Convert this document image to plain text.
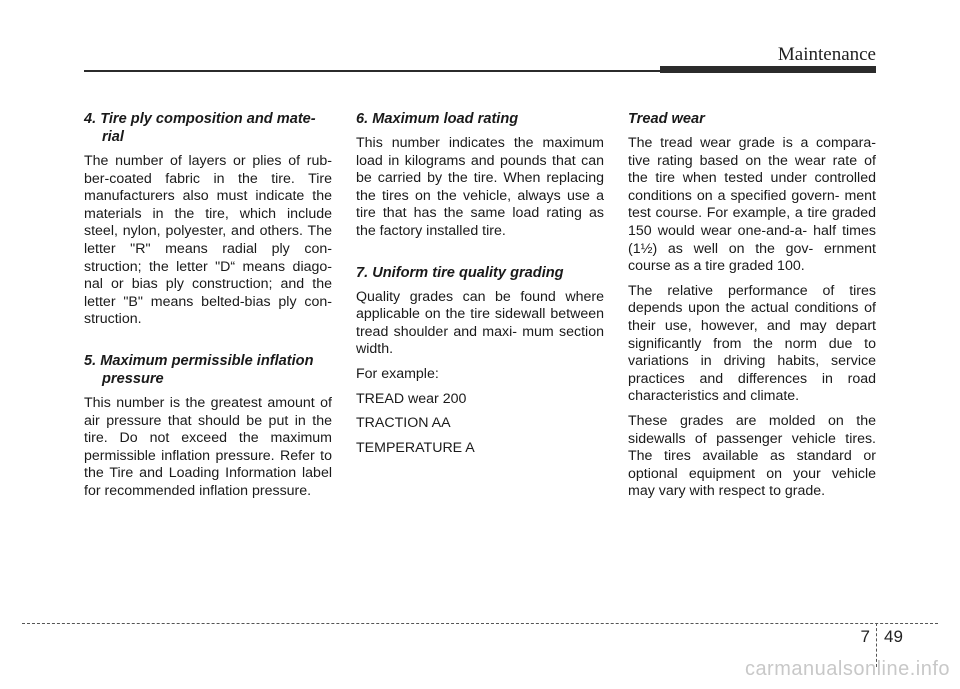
Maintenance
4. Tire ply composition and mate- rial
The number of layers or plies of rub- ber-coated fabric in the tire. Tire manufacturers also must indicate the materials in the tire, which include steel, nylon, polyester, and others. The letter "R" means radial ply con- struction; the letter "D“ means diago- nal or bias ply construction; and the letter "B" means belted-bias ply con- struction.
5. Maximum permissible inflation pressure
This number is the greatest amount of air pressure that should be put in the tire. Do not exceed the maximum permissible inflation pressure. Refer to the Tire and Loading Information label for recommended inflation pressure.
6. Maximum load rating
This number indicates the maximum load in kilograms and pounds that can be carried by the tire. When replacing the tires on the vehicle, always use a tire that has the same load rating as the factory installed tire.
7. Uniform tire quality grading
Quality grades can be found where applicable on the tire sidewall between tread shoulder and maxi- mum section width.
For example:
TREAD wear 200
TRACTION AA
TEMPERATURE A
Tread wear
The tread wear grade is a compara- tive rating based on the wear rate of the tire when tested under controlled conditions on a specified govern- ment test course. For example, a tire graded 150 would wear one-and-a- half times (1½) as well on the gov- ernment course as a tire graded 100.
The relative performance of tires depends upon the actual conditions of their use, however, and may depart significantly from the norm due to variations in driving habits, service practices and differences in road characteristics and climate.
These grades are molded on the sidewalls of passenger vehicle tires. The tires available as standard or optional equipment on your vehicle may vary with respect to grade.
7 49
carmanualsonline.info
